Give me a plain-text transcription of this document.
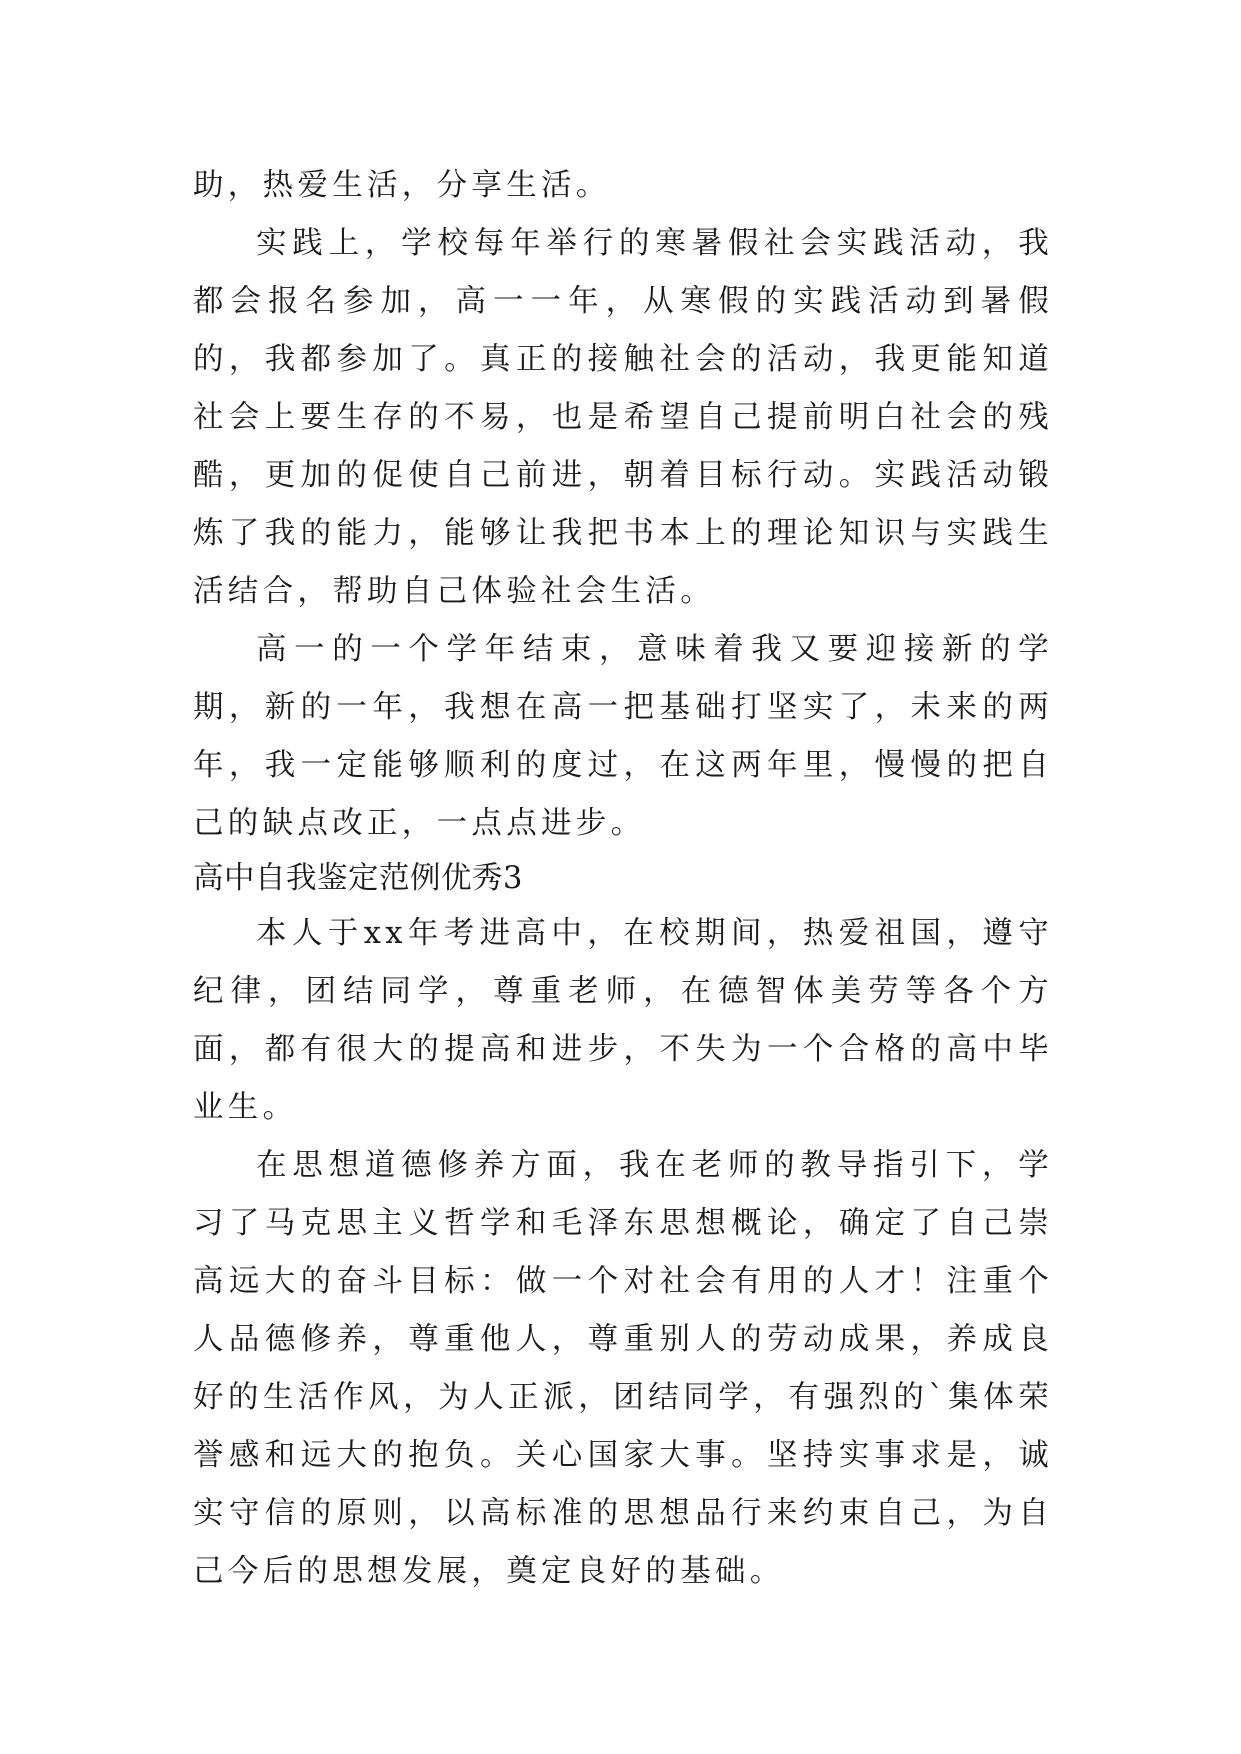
助，热爱生活，分享生活。

实践上，学校每年举行的寒暑假社会实践活动，我都会报名参加，高一一年，从寒假的实践活动到暑假的，我都参加了。真正的接触社会的活动，我更能知道社会上要生存的不易，也是希望自己提前明白社会的残酷，更加的促使自己前进，朝着目标行动。实践活动锻炼了我的能力，能够让我把书本上的理论知识与实践生活结合，帮助自己体验社会生活。

高一的一个学年结束，意味着我又要迎接新的学期，新的一年，我想在高一把基础打坚实了，未来的两年，我一定能够顺利的度过，在这两年里，慢慢的把自己的缺点改正，一点点进步。

高中自我鉴定范例优秀3

本人于xx年考进高中，在校期间，热爱祖国，遵守纪律，团结同学，尊重老师，在德智体美劳等各个方面，都有很大的提高和进步，不失为一个合格的高中毕业生。

在思想道德修养方面，我在老师的教导指引下，学习了马克思主义哲学和毛泽东思想概论，确定了自己崇高远大的奋斗目标：做一个对社会有用的人才！注重个人品德修养，尊重他人，尊重别人的劳动成果，养成良好的生活作风，为人正派，团结同学，有强烈的`集体荣誉感和远大的抱负。关心国家大事。坚持实事求是，诚实守信的原则，以高标准的思想品行来约束自己，为自己今后的思想发展，奠定良好的基础。
